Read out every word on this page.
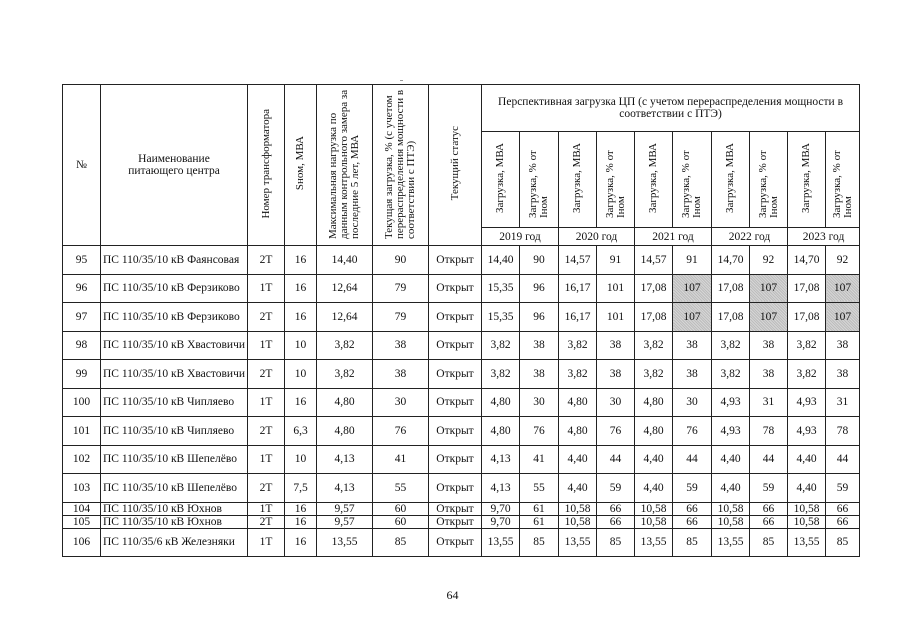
№	Наименование питающего центра	Номер трансформатора	Sном, МВА	Максимальная нагрузка по данным контрольного замера за последние 5 лет, МВА	Текущая загрузка, % (с учетом перераспределения мощности в соответствии с ПТЭ)	Текущий статус	Перспективная загрузка ЦП (с учетом перераспределения мощности в соответствии с ПТЭ)									
							Загрузка, МВА	Загрузка, % от Iном	Загрузка, МВА	Загрузка, % от Iном	Загрузка, МВА	Загрузка, % от Iном	Загрузка, МВА	Загрузка, % от Iном	Загрузка, МВА	Загрузка, % от Iном
							2019 год		2020 год		2021 год		2022 год		2023 год	
95	ПС 110/35/10 кВ Фаянсовая	2Т	16	14,40	90	Открыт	14,40	90	14,57	91	14,57	91	14,70	92	14,70	92
96	ПС 110/35/10 кВ Ферзиково	1Т	16	12,64	79	Открыт	15,35	96	16,17	101	17,08	107	17,08	107	17,08	107
97	ПС 110/35/10 кВ Ферзиково	2Т	16	12,64	79	Открыт	15,35	96	16,17	101	17,08	107	17,08	107	17,08	107
98	ПС 110/35/10 кВ Хвастовичи	1Т	10	3,82	38	Открыт	3,82	38	3,82	38	3,82	38	3,82	38	3,82	38
99	ПС 110/35/10 кВ Хвастовичи	2Т	10	3,82	38	Открыт	3,82	38	3,82	38	3,82	38	3,82	38	3,82	38
100	ПС 110/35/10 кВ Чипляево	1Т	16	4,80	30	Открыт	4,80	30	4,80	30	4,80	30	4,93	31	4,93	31
101	ПС 110/35/10 кВ Чипляево	2Т	6,3	4,80	76	Открыт	4,80	76	4,80	76	4,80	76	4,93	78	4,93	78
102	ПС 110/35/10 кВ Шепелёво	1Т	10	4,13	41	Открыт	4,13	41	4,40	44	4,40	44	4,40	44	4,40	44
103	ПС 110/35/10 кВ Шепелёво	2Т	7,5	4,13	55	Открыт	4,13	55	4,40	59	4,40	59	4,40	59	4,40	59
104	ПС 110/35/10 кВ Юхнов	1Т	16	9,57	60	Открыт	9,70	61	10,58	66	10,58	66	10,58	66	10,58	66
105	ПС 110/35/10 кВ Юхнов	2Т	16	9,57	60	Открыт	9,70	61	10,58	66	10,58	66	10,58	66	10,58	66
106	ПС 110/35/6 кВ Железняки	1Т	16	13,55	85	Открыт	13,55	85	13,55	85	13,55	85	13,55	85	13,55	85
64
